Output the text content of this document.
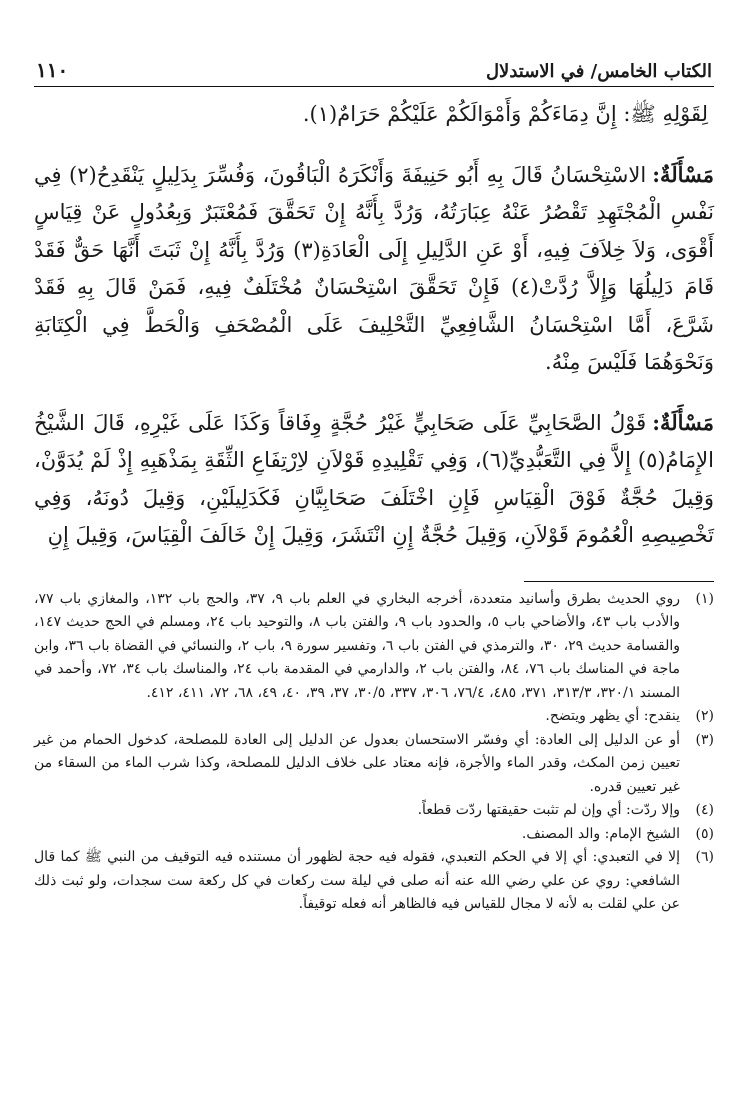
الكتاب الخامس/ في الاستدلال
١١٠

لِقَوْلِهِ ﷺ: إِنَّ دِمَاءَكُمْ وَأَمْوَالَكُمْ عَلَيْكُمْ حَرَامٌ(١).

مَسْأَلَةٌ:الاسْتِحْسَانُ قَالَ بِهِ أَبُو حَنِيفَةَ وَأَنْكَرَهُ الْبَاقُونَ، وَفُسِّرَ بِدَلِيلٍ يَنْقَدِحُ(٢) فِي نَفْسِ الْمُجْتَهِدِ تَقْصُرُ عَنْهُ عِبَارَتُهُ، وَرُدَّ بِأَنَّهُ إِنْ تَحَقَّقَ فَمُعْتَبَرٌ وَبِعُدُولٍ عَنْ قِيَاسٍ أَقْوَى، وَلاَ خِلاَفَ فِيهِ، أَوْ عَنِ الدَّلِيلِ إِلَى الْعَادَةِ(٣) وَرُدَّ بِأَنَّهُ إِنْ ثَبَتَ أَنَّهَا حَقٌّ فَقَدْ قَامَ دَلِيلُهَا وَإِلاَّ رُدَّتْ(٤) فَإِنْ تَحَقَّقَ اسْتِحْسَانٌ مُخْتَلَفٌ فِيهِ، فَمَنْ قَالَ بِهِ فَقَدْ شَرَّعَ، أَمَّا اسْتِحْسَانُ الشَّافِعِيِّ التَّحْلِيفَ عَلَى الْمُصْحَفِ وَالْحَطَّ فِي الْكِتَابَةِ وَنَحْوَهُمَا فَلَيْسَ مِنْهُ.

مَسْأَلَةٌ:قَوْلُ الصَّحَابِيِّ عَلَى صَحَابِيٍّ غَيْرُ حُجَّةٍ وِفَاقاً وَكَذَا عَلَى غَيْرِهِ، قَالَ الشَّيْخُ الإِمَامُ(٥) إِلاَّ فِي التَّعَبُّدِيِّ(٦)، وَفِي تَقْلِيدِهِ قَوْلاَنِ لاِرْتِفَاعِ الثِّقَةِ بِمَذْهَبِهِ إِذْ لَمْ يُدَوَّنْ، وَقِيلَ حُجَّةٌ فَوْقَ الْقِيَاسِ فَإِنِ اخْتَلَفَ صَحَابِيَّانِ فَكَدَلِيلَيْنِ، وَقِيلَ دُونَهُ، وَفِي تَخْصِيصِهِ الْعُمُومَ قَوْلاَنِ، وَقِيلَ حُجَّةٌ إِنِ انْتَشَرَ، وَقِيلَ إِنْ خَالَفَ الْقِيَاسَ، وَقِيلَ إِنِ

(١)
روي الحديث بطرق وأسانيد متعددة، أخرجه البخاري في العلم باب ٩، ٣٧، والحج باب ١٣٢، والمغازي باب ٧٧، والأدب باب ٤٣، والأضاحي باب ٥، والحدود باب ٩، والفتن باب ٨، والتوحيد باب ٢٤، ومسلم في الحج حديث ١٤٧، والقسامة حديث ٢٩، ٣٠، والترمذي في الفتن باب ٦، وتفسير سورة ٩، باب ٢، والنسائي في القضاة باب ٣٦، وابن ماجة في المناسك باب ٧٦، ٨٤، والفتن باب ٢، والدارمي في المقدمة باب ٢٤، والمناسك باب ٣٤، ٧٢، وأحمد في المسند ٣٢٠/١، ٣١٣/٣، ٣٧١، ٤٨٥، ٧٦/٤، ٣٠٦، ٣٣٧، ٣٠/٥، ٣٧، ٣٩، ٤٠، ٤٩، ٦٨، ٧٢، ٤١١، ٤١٢.
(٢)
ينقدح: أي يظهر ويتضح.
(٣)
أو عن الدليل إلى العادة: أي وفسّر الاستحسان بعدول عن الدليل إلى العادة للمصلحة، كدخول الحمام من غير تعيين زمن المكث، وقدر الماء والأجرة، فإنه معتاد على خلاف الدليل للمصلحة، وكذا شرب الماء من السقاء من غير تعيين قدره.
(٤)
وإلا ردّت: أي وإن لم تثبت حقيقتها ردّت قطعاً.
(٥)
الشيخ الإمام: والد المصنف.
(٦)
إلا في التعبدي: أي إلا في الحكم التعبدي، فقوله فيه حجة لظهور أن مستنده فيه التوقيف من النبي ﷺ كما قال الشافعي: روي عن علي رضي الله عنه أنه صلى في ليلة ست ركعات في كل ركعة ست سجدات، ولو ثبت ذلك عن علي لقلت به لأنه لا مجال للقياس فيه فالظاهر أنه فعله توقيفاً.
